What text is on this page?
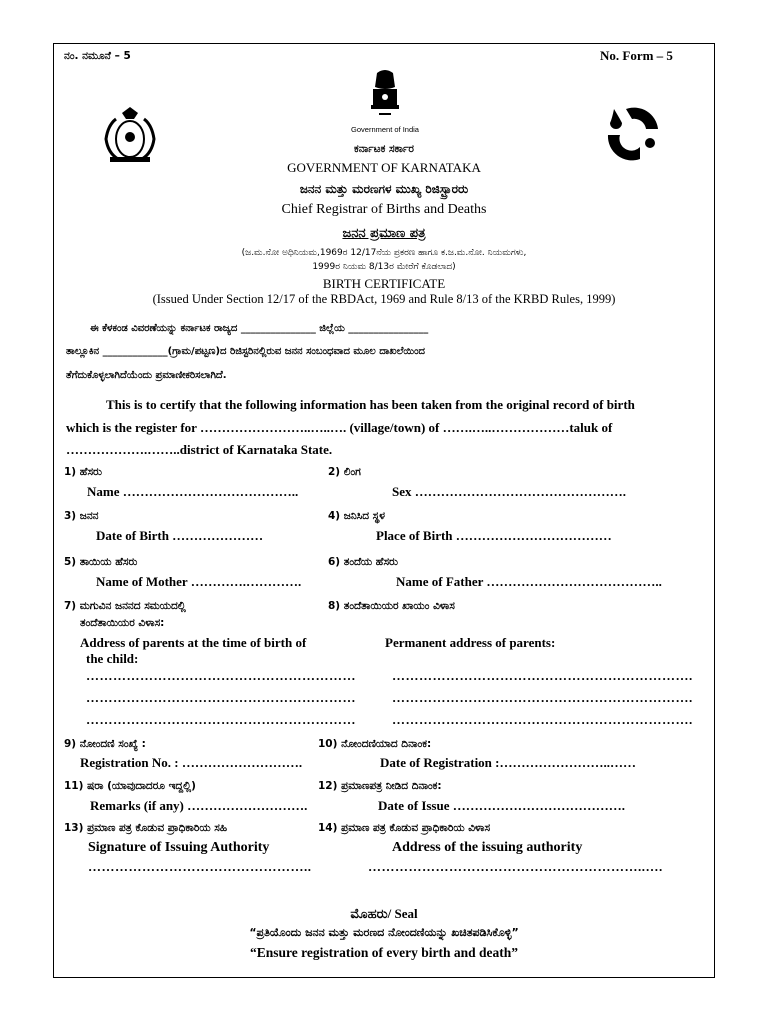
ನಂ. ನಮೂನೆ – 5	No. Form – 5
Government of India
ಕರ್ನಾಟಕ ಸರ್ಕಾರ
GOVERNMENT OF KARNATAKA
ಜನನ ಮತ್ತು ಮರಣಗಳ ಮುಖ್ಯ ರಿಜಿಸ್ಟ್ರಾರರು
Chief Registrar of Births and Deaths
ಜನನ ಪ್ರಮಾಣ ಪತ್ರ
(ಜ.ಮ.ನೋ ಅಧಿನಿಯಮ,1969ರ 12/17ನೆಯ ಪ್ರಕರಣ ಹಾಗೂ ಕ.ಜ.ಮ.ನೋ. ನಿಯಮಗಳು,
1999ರ ನಿಯಮ 8/13ರ ಮೇರೆಗೆ ಕೊಡಲಾದ)
BIRTH CERTIFICATE
(Issued Under Section 12/17 of the RBDAct, 1969 and Rule 8/13 of the KRBD Rules, 1999)
ಈ ಕೆಳಕಂಡ ವಿವರಣೆಯನ್ನು ಕರ್ನಾಟಕ ರಾಜ್ಯದ _______________ ಜಿಲ್ಲೆಯ ________________
ತಾಲ್ಲೂಕಿನ _____________(ಗ್ರಾಮ/ಪಟ್ಟಣ)ದ ರಿಜಿಸ್ಟರಿನಲ್ಲಿರುವ ಜನನ ಸಂಬಂಧವಾದ ಮೂಲ ದಾಖಲೆಯಿಂದ
ತೆಗೆದುಕೊಳ್ಳಲಾಗಿದೆಯೆಂದು ಪ್ರಮಾಣೀಕರಿಸಲಾಗಿದೆ.
This is to certify that the following information has been taken from the original record of birth
which is the register for ……………………..…..…. (village/town) of …….…..………………taluk of
……………….……..district of Karnataka State.
1) ಹೆಸರು
Name …………………………………..
2) ಲಿಂಗ
Sex ………………………………………….
3) ಜನನ
Date of Birth …………………
4) ಜನಿಸಿದ ಸ್ಥಳ
Place of Birth ………………………………
5) ತಾಯಿಯ ಹೆಸರು
Name of Mother ………….………….
6) ತಂದೆಯ ಹೆಸರು
Name of Father …………………………………..
7) ಮಗುವಿನ ಜನನದ ಸಮಯದಲ್ಲಿ
ತಂದೆತಾಯಿಯರ ವಿಳಾಸ:
Address of parents at the time of birth of
the child:
8) ತಂದೆತಾಯಿಯರ ಖಾಯಂ ವಿಳಾಸ
Permanent address of parents:
……………………………………………………
……………………………………………………
……………………………………………………
………………………………………………………….
………………………………………………………….
………………………………………………………….
9) ನೋಂದಣಿ ಸಂಖ್ಯೆ :
Registration No. : ……………………….
10) ನೋಂದಣಿಯಾದ ದಿನಾಂಕ:
Date of Registration :……………………..……
11) ಷರಾ (ಯಾವುದಾದರೂ ಇದ್ದಲ್ಲಿ)
Remarks (if any) ……………………….
12) ಪ್ರಮಾಣಪತ್ರ ನೀಡಿದ ದಿನಾಂಕ:
Date of Issue ………………………………….
13) ಪ್ರಮಾಣ ಪತ್ರ ಕೊಡುವ ಪ್ರಾಧಿಕಾರಿಯ ಸಹಿ
Signature of Issuing Authority
…………………………………………..
14) ಪ್ರಮಾಣ ಪತ್ರ ಕೊಡುವ ಪ್ರಾಧಿಕಾರಿಯ ವಿಳಾಸ
Address of the issuing authority
……………………………………………………..….
ಮೊಹರು/ Seal
“ಪ್ರತಿಯೊಂದು ಜನನ ಮತ್ತು ಮರಣದ ನೋಂದಣಿಯನ್ನು ಖಚಿತಪಡಿಸಿಕೊಳ್ಳಿ”
“Ensure registration of every birth and death”
